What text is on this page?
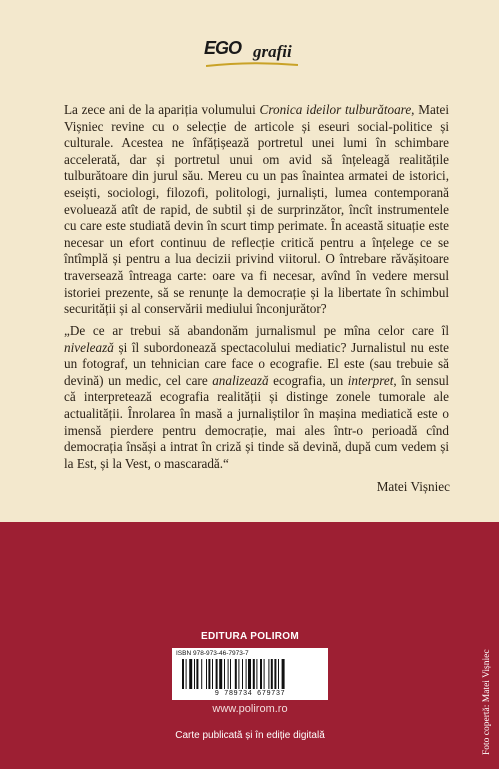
EGO grafii

La zece ani de la apariția volumului Cronica ideilor tulburătoare, Matei Vișniec revine cu o selecție de articole și eseuri social-politice și culturale. Acestea ne înfățișează portretul unei lumi în schimbare accelerată, dar și portretul unui om avid să înțeleagă realitățile tulburătoare din jurul său. Mereu cu un pas înaintea armatei de istorici, eseiști, sociologi, filozofi, politologi, jurnaliști, lumea contemporană evoluează atît de rapid, de subtil și de surprinzător, încît instrumentele cu care este studiată devin în scurt timp perimate. În această situație este necesar un efort continuu de reflecție critică pentru a înțelege ce se întîmplă și pentru a lua decizii privind viitorul. O întrebare răvășitoare traversează întreaga carte: oare va fi necesar, avînd în vedere mersul istoriei prezente, să se renunțe la democrație și la libertate în schimbul securității și al conservării mediului înconjurător?

„De ce ar trebui să abandonăm jurnalismul pe mîna celor care îl nivelează și îl subordonează spectacolului mediatic? Jurnalistul nu este un fotograf, un tehnician care face o ecografie. El este (sau trebuie să devină) un medic, cel care analizează ecografia, un interpret, în sensul că interpretează ecografia realității și distinge zonele tumorale ale actualității. Înrolarea în masă a jurnaliștilor în mașina mediatică este o imensă pierdere pentru democrație, mai ales într-o perioadă cînd democrația însăși a intrat în criză și tinde să devină, după cum vedem și la Est, și la Vest, o mascaradă.“

Matei Vișniec
EDITURA POLIROM
ISBN 978-973-46-7973-7
9 789734 679737
www.polirom.ro
Carte publicată și în ediție digitală	Foto copertă: Matei Vișniec
